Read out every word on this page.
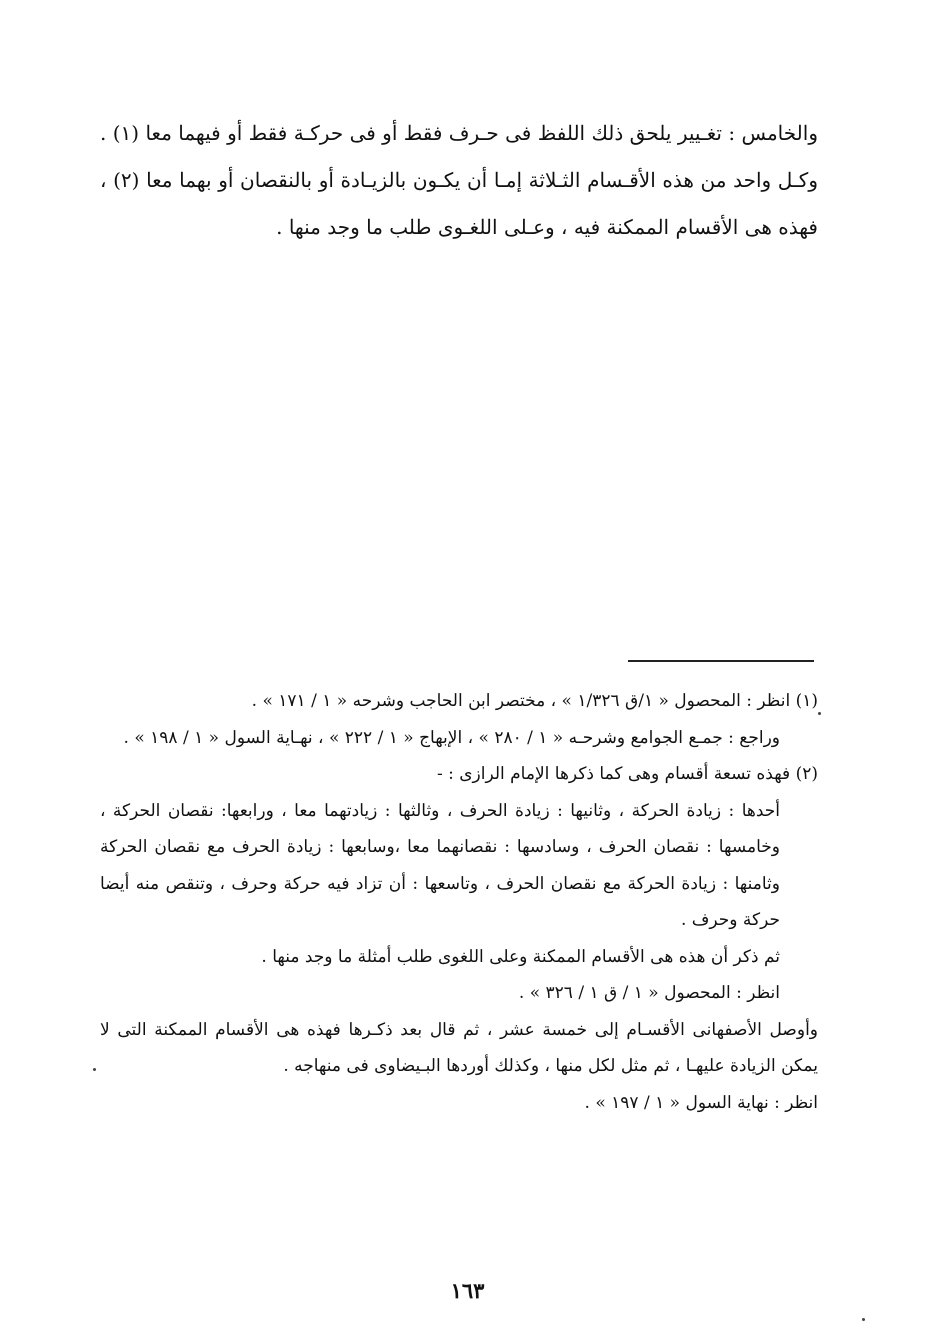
والخامس : تغـيير يلحق ذلك اللفظ فى حـرف فقط أو فى حركـة فقط أو فيهما معا (١) . وكـل واحد من هذه الأقـسام الثـلاثة إمـا أن يكـون بالزيـادة أو بالنقصان أو بهما معا (٢) ، فهذه هى الأقسام الممكنة فيه ، وعـلى اللغـوى طلب ما وجد منها .

(١) انظر : المحصول « ١/ق ١/٣٢٦ » ، مختصر ابن الحاجب وشرحه « ١ / ١٧١ » .

وراجع : جمـع الجوامع وشرحـه « ١ / ٢٨٠ » ، الإبهاج « ١ / ٢٢٢ » ، نهـاية السول « ١ / ١٩٨ » .

(٢) فهذه تسعة أقسام وهى كما ذكرها الإمام الرازى : -

أحدها : زيادة الحركة ، وثانيها : زيادة الحرف ، وثالثها : زيادتهما معا ، ورابعها: نقصان الحركة ، وخامسها : نقصان الحرف ، وسادسها : نقصانهما معا ،وسابعها : زيادة الحرف مع نقصان الحركة وثامنها : زيادة الحركة مع نقصان الحرف ، وتاسعها : أن تزاد فيه حركة وحرف ، وتنقص منه أيضا حركة وحرف .

ثم ذكر أن هذه هى الأقسام الممكنة وعلى اللغوى طلب أمثلة ما وجد منها .

انظر : المحصول « ١ / ق ١ / ٣٢٦ » .

وأوصل الأصفهانى الأقسـام إلى خمسة عشر ، ثم قال بعد ذكـرها فهذه هى الأقسام الممكنة التى لا يمكن الزيادة عليهـا ، ثم مثل لكل منها ، وكذلك أوردها البـيضاوى فى منهاجه .

انظر : نهاية السول « ١ / ١٩٧ » .

١٦٣
